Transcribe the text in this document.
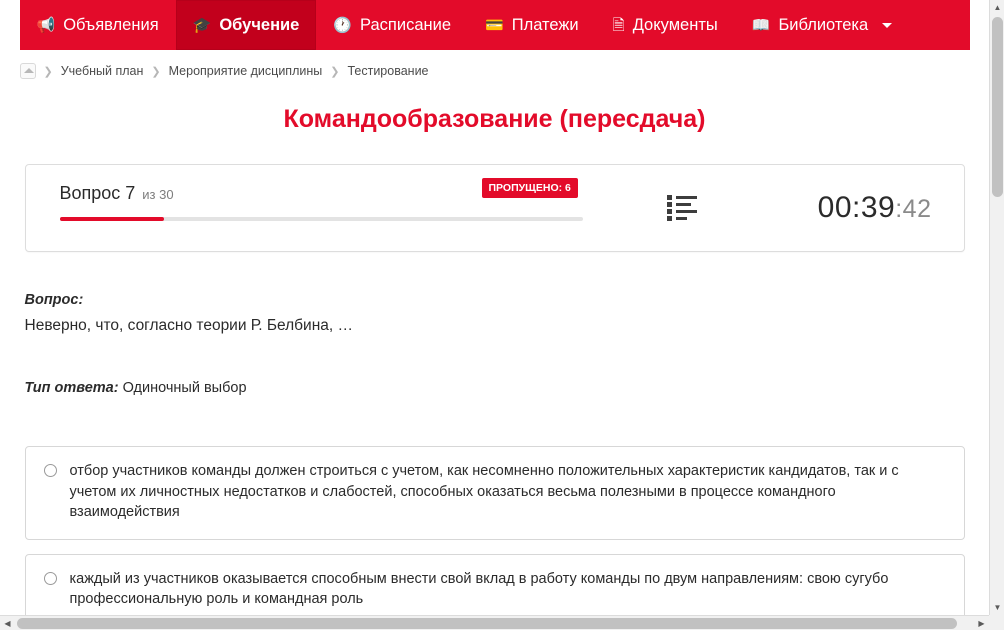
📢 Объявления 🎓 Обучение 🕐 Расписание 💳 Платежи 🗎 Документы 📖 Библиотека
❯ Учебный план ❯ Мероприятие дисциплины ❯ Тестирование
Командообразование (пересдача)
Вопрос 7 из 30	ПРОПУЩЕНО: 6
00:39:42
Вопрос:
Неверно, что, согласно теории Р. Белбина, …
Тип ответа: Одиночный выбор
отбор участников команды должен строиться с учетом, как несомненно положительных характеристик кандидатов, так и с учетом их личностных недостатков и слабостей, способных оказаться весьма полезными в процессе командного взаимодействия
каждый из участников оказывается способным внести свой вклад в работу команды по двум направлениям: свою сугубо профессиональную роль и командная роль
▲
▼
◀	▶
